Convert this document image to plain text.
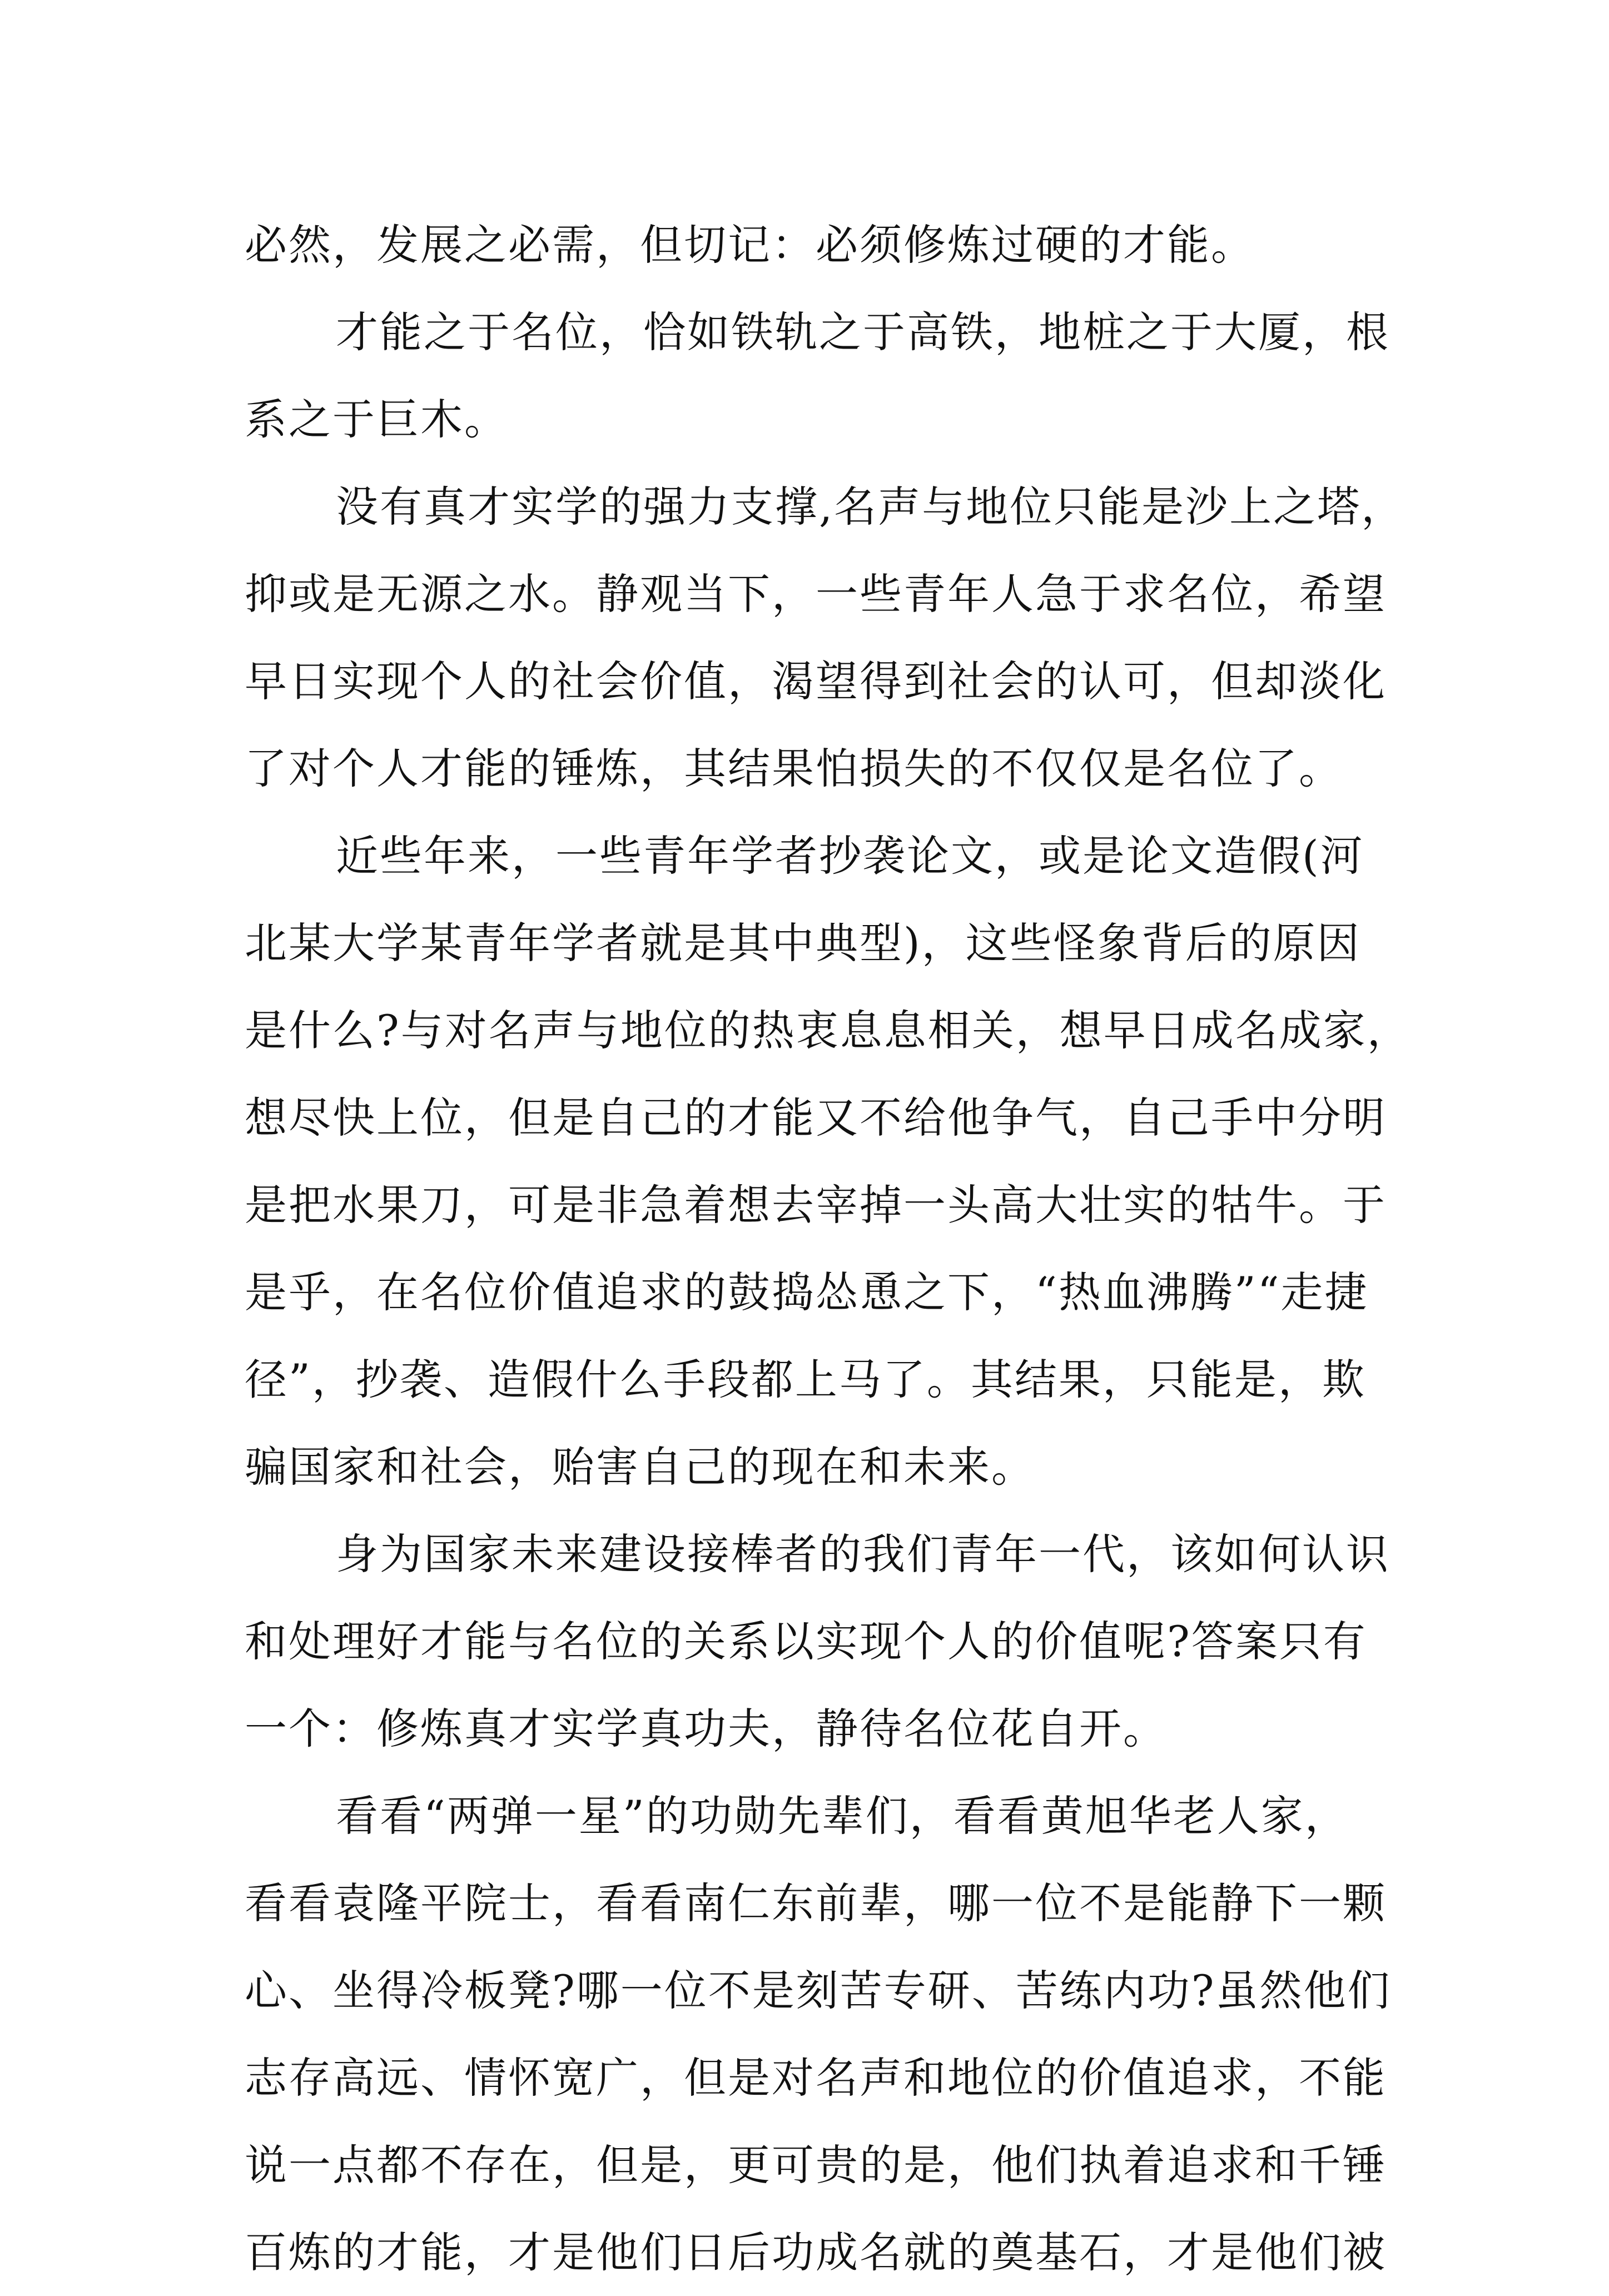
必然，发展之必需，但切记：必须修炼过硬的才能。
才能之于名位，恰如铁轨之于高铁，地桩之于大厦，根
系之于巨木。
没有真才实学的强力支撑,名声与地位只能是沙上之塔，
抑或是无源之水。静观当下，一些青年人急于求名位，希望
早日实现个人的社会价值，渴望得到社会的认可，但却淡化
了对个人才能的锤炼，其结果怕损失的不仅仅是名位了。
近些年来，一些青年学者抄袭论文，或是论文造假(河
北某大学某青年学者就是其中典型)，这些怪象背后的原因
是什么?与对名声与地位的热衷息息相关，想早日成名成家，
想尽快上位，但是自己的才能又不给他争气，自己手中分明
是把水果刀，可是非急着想去宰掉一头高大壮实的牯牛。于
是乎，在名位价值追求的鼓捣怂恿之下，“热血沸腾”“走捷
径”，抄袭、造假什么手段都上马了。其结果，只能是，欺
骗国家和社会，贻害自己的现在和未来。
身为国家未来建设接棒者的我们青年一代，该如何认识
和处理好才能与名位的关系以实现个人的价值呢?答案只有
一个：修炼真才实学真功夫，静待名位花自开。
看看“两弹一星”的功勋先辈们，看看黄旭华老人家，
看看袁隆平院士，看看南仁东前辈，哪一位不是能静下一颗
心、坐得冷板凳?哪一位不是刻苦专研、苦练内功?虽然他们
志存高远、情怀宽广，但是对名声和地位的价值追求，不能
说一点都不存在，但是，更可贵的是，他们执着追求和千锤
百炼的才能，才是他们日后功成名就的奠基石，才是他们被
